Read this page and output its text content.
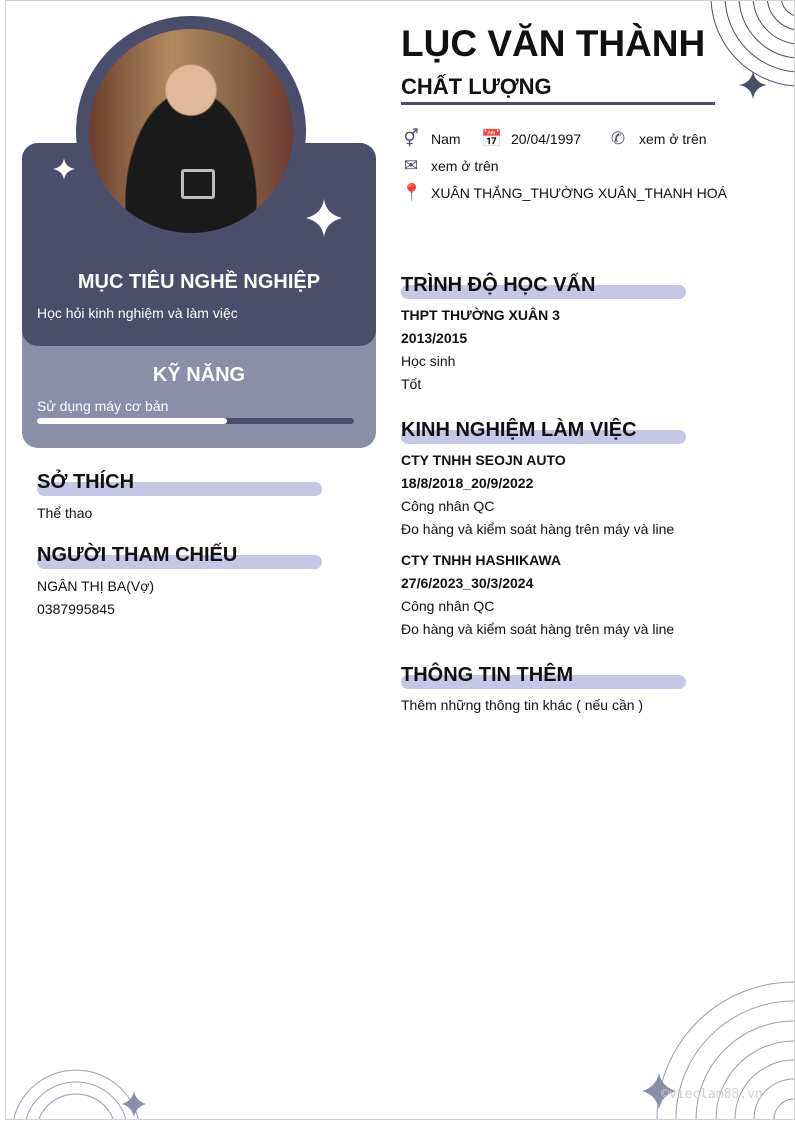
MỤC TIÊU NGHỀ NGHIỆP
Học hỏi kinh nghiệm và làm việc
KỸ NĂNG
Sử dụng máy cơ bản
SỞ THÍCH
Thể thao
NGƯỜI THAM CHIẾU
NGÂN THỊ BA(Vợ)
0387995845
LỤC VĂN THÀNH
CHẤT LƯỢNG
⚥ Nam 📅 20/04/1997 ✆ xem ở trên
✉ xem ở trên
📍 XUÂN THẮNG_THƯỜNG XUÂN_THANH HOÁ
TRÌNH ĐỘ HỌC VẤN
THPT THƯỜNG XUÂN 3
2013/2015
Học sinh
Tốt
KINH NGHIỆM LÀM VIỆC
CTY TNHH SEOJN AUTO
18/8/2018_20/9/2022
Công nhân QC
Đo hàng và kiểm soát hàng trên máy và line
CTY TNHH HASHIKAWA
27/6/2023_30/3/2024
Công nhân QC
Đo hàng và kiểm soát hàng trên máy và line
THÔNG TIN THÊM
Thêm những thông tin khác ( nếu cần )
©vieclam88.vn
